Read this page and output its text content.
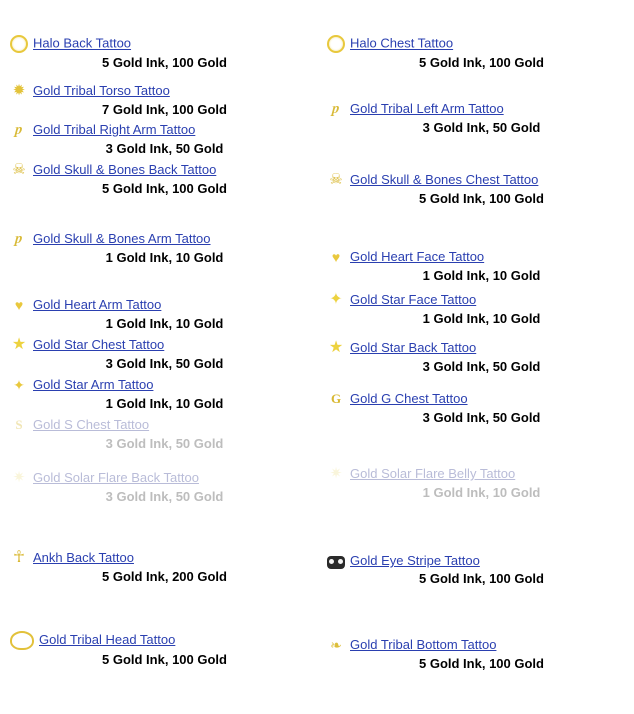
Halo Back Tattoo
5 Gold Ink, 100 Gold
✹ Gold Tribal Torso Tattoo
7 Gold Ink, 100 Gold
𝆏 Gold Tribal Right Arm Tattoo
3 Gold Ink, 50 Gold
☠ Gold Skull & Bones Back Tattoo
5 Gold Ink, 100 Gold
𝆏 Gold Skull & Bones Arm Tattoo
1 Gold Ink, 10 Gold
♥ Gold Heart Arm Tattoo
1 Gold Ink, 10 Gold
★ Gold Star Chest Tattoo
3 Gold Ink, 50 Gold
✦ Gold Star Arm Tattoo
1 Gold Ink, 10 Gold
S Gold S Chest Tattoo
3 Gold Ink, 50 Gold
✷ Gold Solar Flare Back Tattoo
3 Gold Ink, 50 Gold
☥ Ankh Back Tattoo
5 Gold Ink, 200 Gold
Gold Tribal Head Tattoo
5 Gold Ink, 100 Gold
Halo Chest Tattoo
5 Gold Ink, 100 Gold
𝆏 Gold Tribal Left Arm Tattoo
3 Gold Ink, 50 Gold
☠ Gold Skull & Bones Chest Tattoo
5 Gold Ink, 100 Gold
♥ Gold Heart Face Tattoo
1 Gold Ink, 10 Gold
✦ Gold Star Face Tattoo
1 Gold Ink, 10 Gold
★ Gold Star Back Tattoo
3 Gold Ink, 50 Gold
G Gold G Chest Tattoo
3 Gold Ink, 50 Gold
✷ Gold Solar Flare Belly Tattoo
1 Gold Ink, 10 Gold
Gold Eye Stripe Tattoo
5 Gold Ink, 100 Gold
❧ Gold Tribal Bottom Tattoo
5 Gold Ink, 100 Gold
